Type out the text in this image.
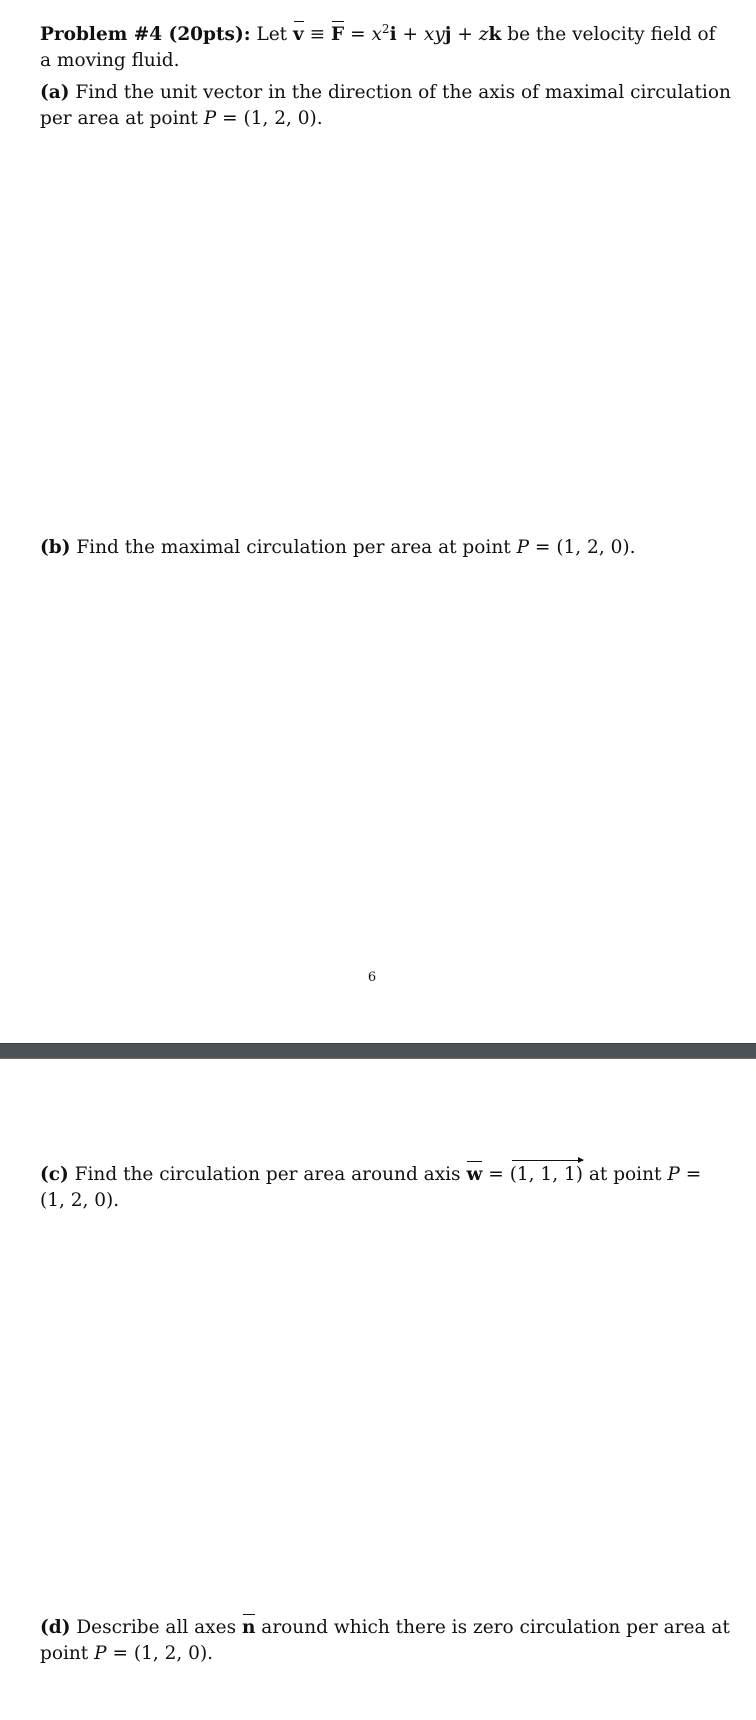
Problem #4 (20pts): Let $v \equiv F = x^2i$ + xyj + zk be the velocity field of
a moving fluid.
(a) Find the unit vector in the direction of the axis of maximal circulation
per area at point P = (1, 2, 0).
(b) Find the maximal circulation per area at point P = (1, 2, 0).
6
(c) Find the circulation per area around axis w = (1, 1, 1) at point P =
(1, 2, 0).
(d) Describe all axes n around which there is zero circulation per area at
point P = (1, 2, 0).
